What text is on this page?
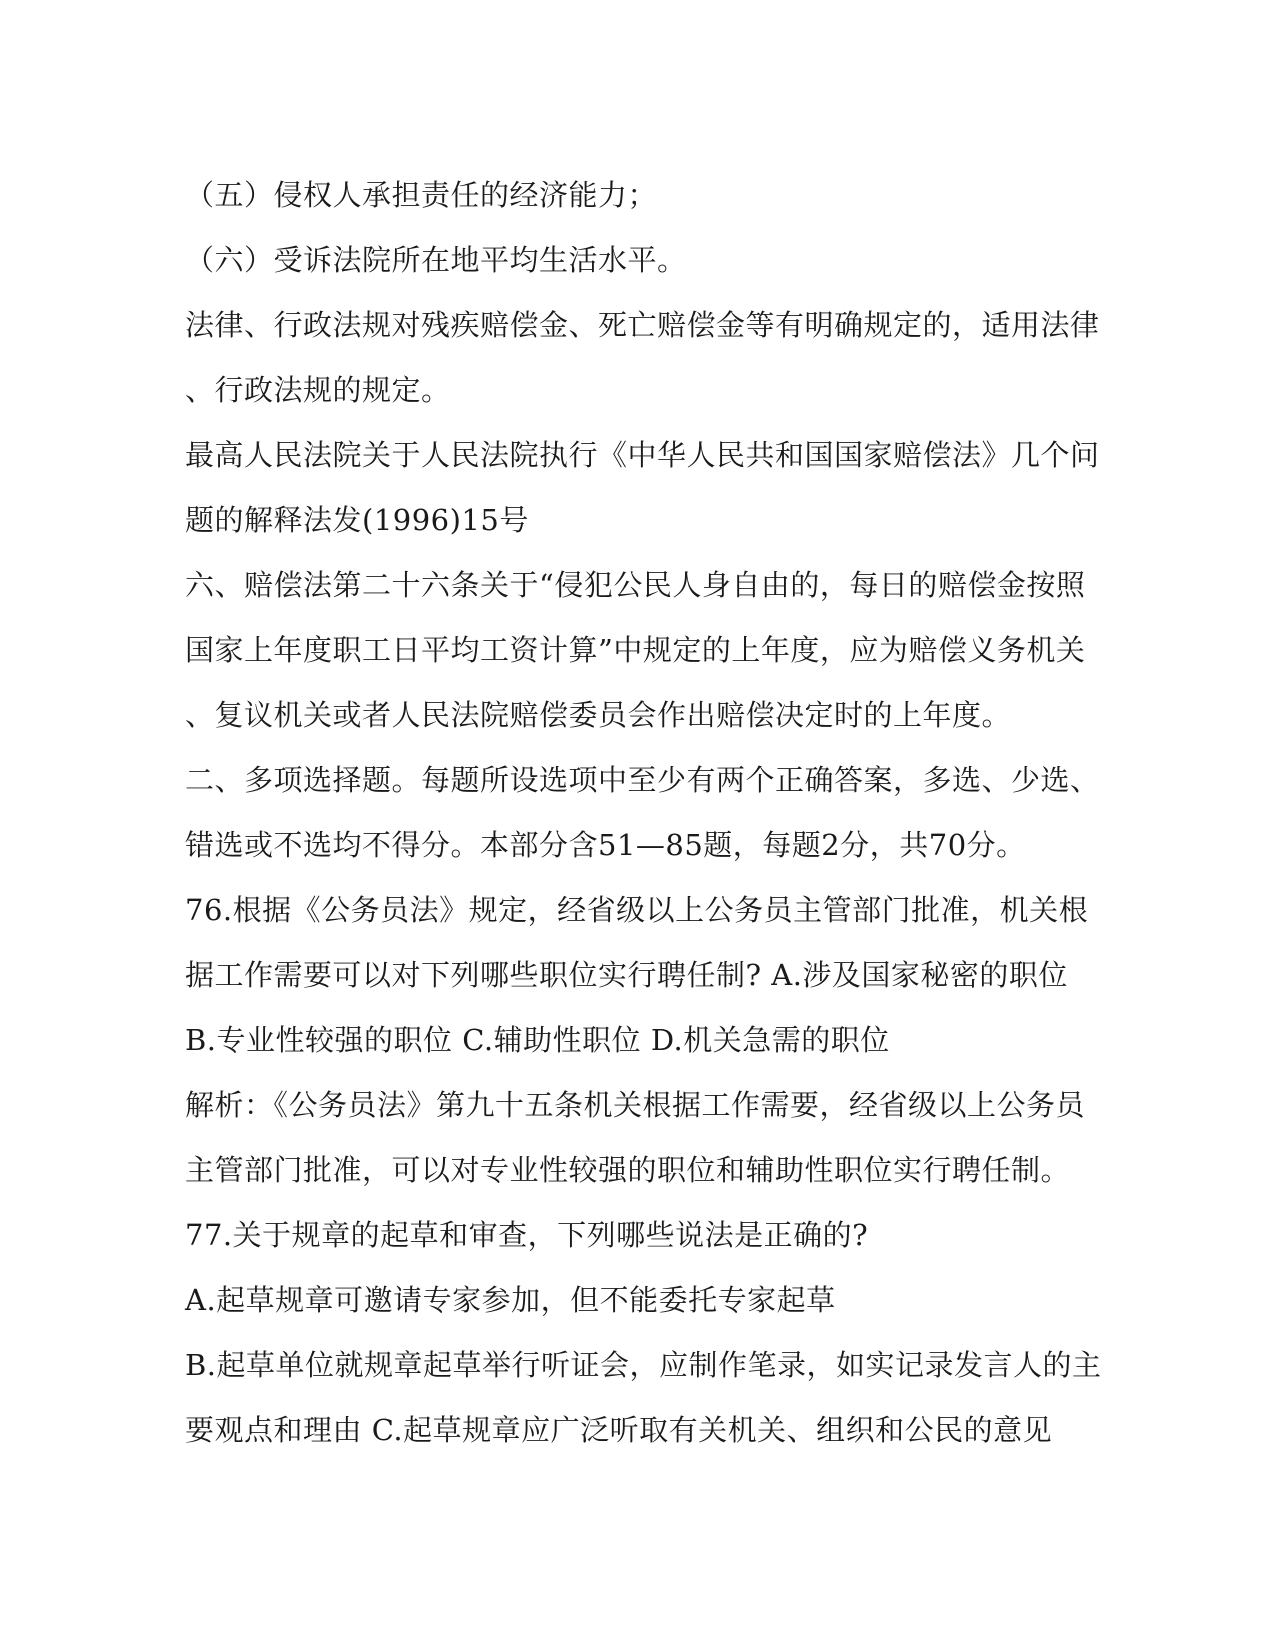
（五）侵权人承担责任的经济能力；
（六）受诉法院所在地平均生活水平。
法律、行政法规对残疾赔偿金、死亡赔偿金等有明确规定的，适用法律
、行政法规的规定。
最高人民法院关于人民法院执行《中华人民共和国国家赔偿法》几个问
题的解释法发(1996)15号
六、赔偿法第二十六条关于“侵犯公民人身自由的，每日的赔偿金按照
国家上年度职工日平均工资计算”中规定的上年度，应为赔偿义务机关
、复议机关或者人民法院赔偿委员会作出赔偿决定时的上年度。
二、多项选择题。每题所设选项中至少有两个正确答案，多选、少选、
错选或不选均不得分。本部分含51—85题，每题2分，共70分。
76.根据《公务员法》规定，经省级以上公务员主管部门批准，机关根
据工作需要可以对下列哪些职位实行聘任制? A.涉及国家秘密的职位
B.专业性较强的职位 C.辅助性职位 D.机关急需的职位
解析：《公务员法》第九十五条机关根据工作需要，经省级以上公务员
主管部门批准，可以对专业性较强的职位和辅助性职位实行聘任制。
77.关于规章的起草和审查，下列哪些说法是正确的?
A.起草规章可邀请专家参加，但不能委托专家起草
B.起草单位就规章起草举行听证会，应制作笔录，如实记录发言人的主
要观点和理由 C.起草规章应广泛听取有关机关、组织和公民的意见
